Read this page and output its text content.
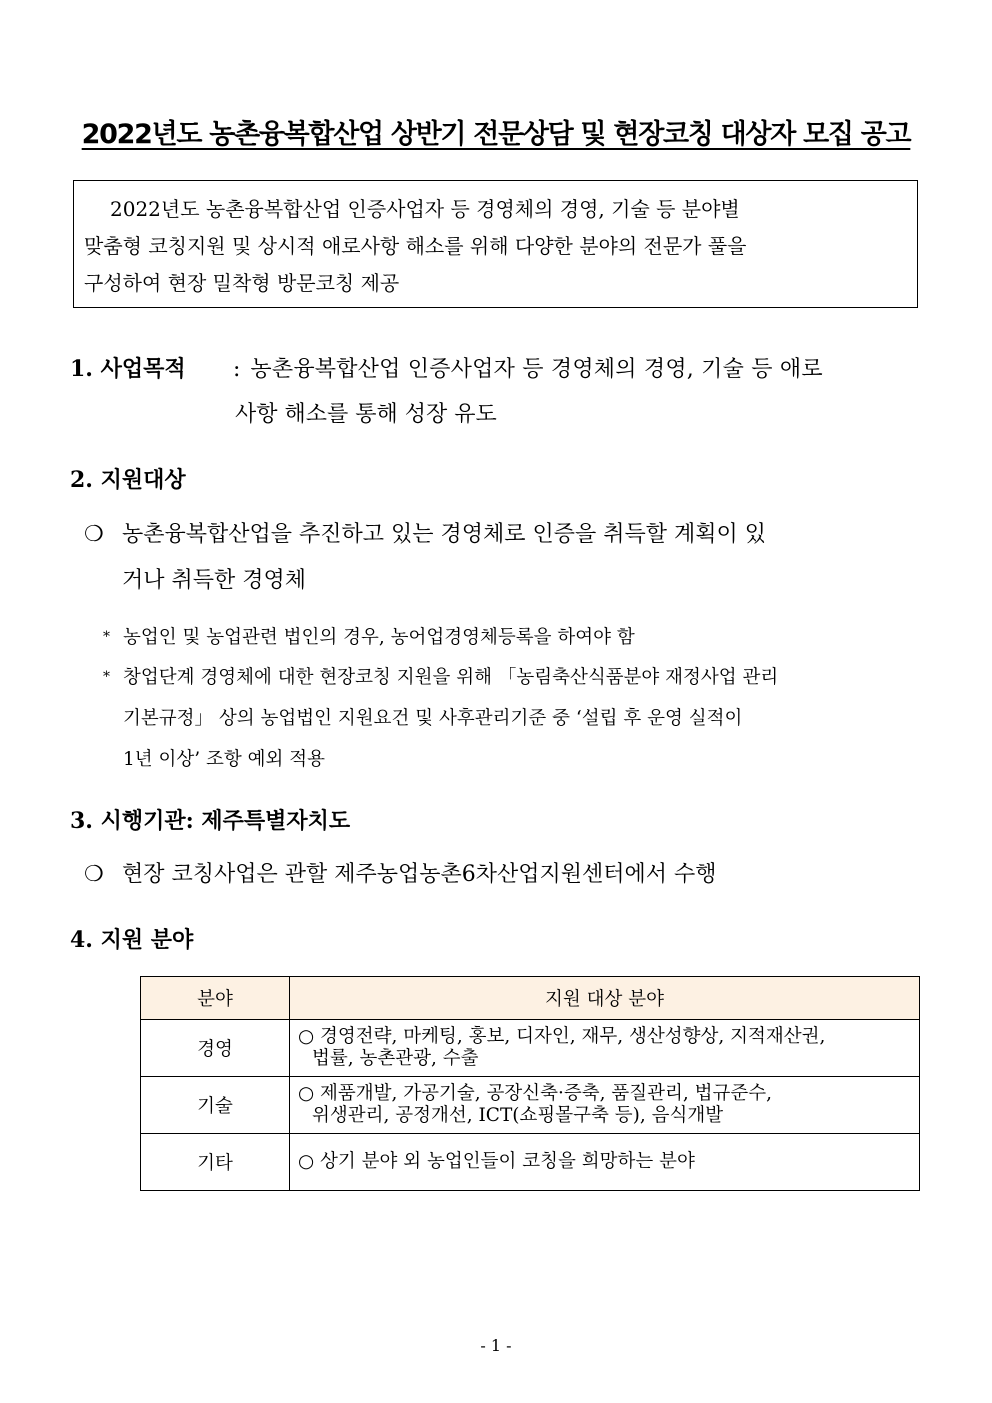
2022년도 농촌융복합산업 상반기 전문상담 및 현장코칭 대상자 모집 공고
2022년도 농촌융복합산업 인증사업자 등 경영체의 경영, 기술 등 분야별
맞춤형 코칭지원 및 상시적 애로사항 해소를 위해 다양한 분야의 전문가 풀을
구성하여 현장 밀착형 방문코칭 제공
1. 사업목적 : 농촌융복합산업 인증사업자 등 경영체의 경영, 기술 등 애로
사항 해소를 통해 성장 유도
2. 지원대상
❍ 농촌융복합산업을 추진하고 있는 경영체로 인증을 취득할 계획이 있
거나 취득한 경영체
* 농업인 및 농업관련 법인의 경우, 농어업경영체등록을 하여야 함
* 창업단계 경영체에 대한 현장코칭 지원을 위해 「농림축산식품분야 재정사업 관리
기본규정」 상의 농업법인 지원요건 및 사후관리기준 중 ‘설립 후 운영 실적이
1년 이상’ 조항 예외 적용
3. 시행기관: 제주특별자치도
❍ 현장 코칭사업은 관할 제주농업농촌6차산업지원센터에서 수행
4. 지원 분야
분야	지원 대상 분야
경영	○ 경영전략, 마케팅, 홍보, 디자인, 재무, 생산성향상, 지적재산권,
법률, 농촌관광, 수출

기술	○ 제품개발, 가공기술, 공장신축·증축, 품질관리, 법규준수,
위생관리, 공정개선, ICT(쇼핑몰구축 등), 음식개발

기타	○ 상기 분야 외 농업인들이 코칭을 희망하는 분야
- 1 -
